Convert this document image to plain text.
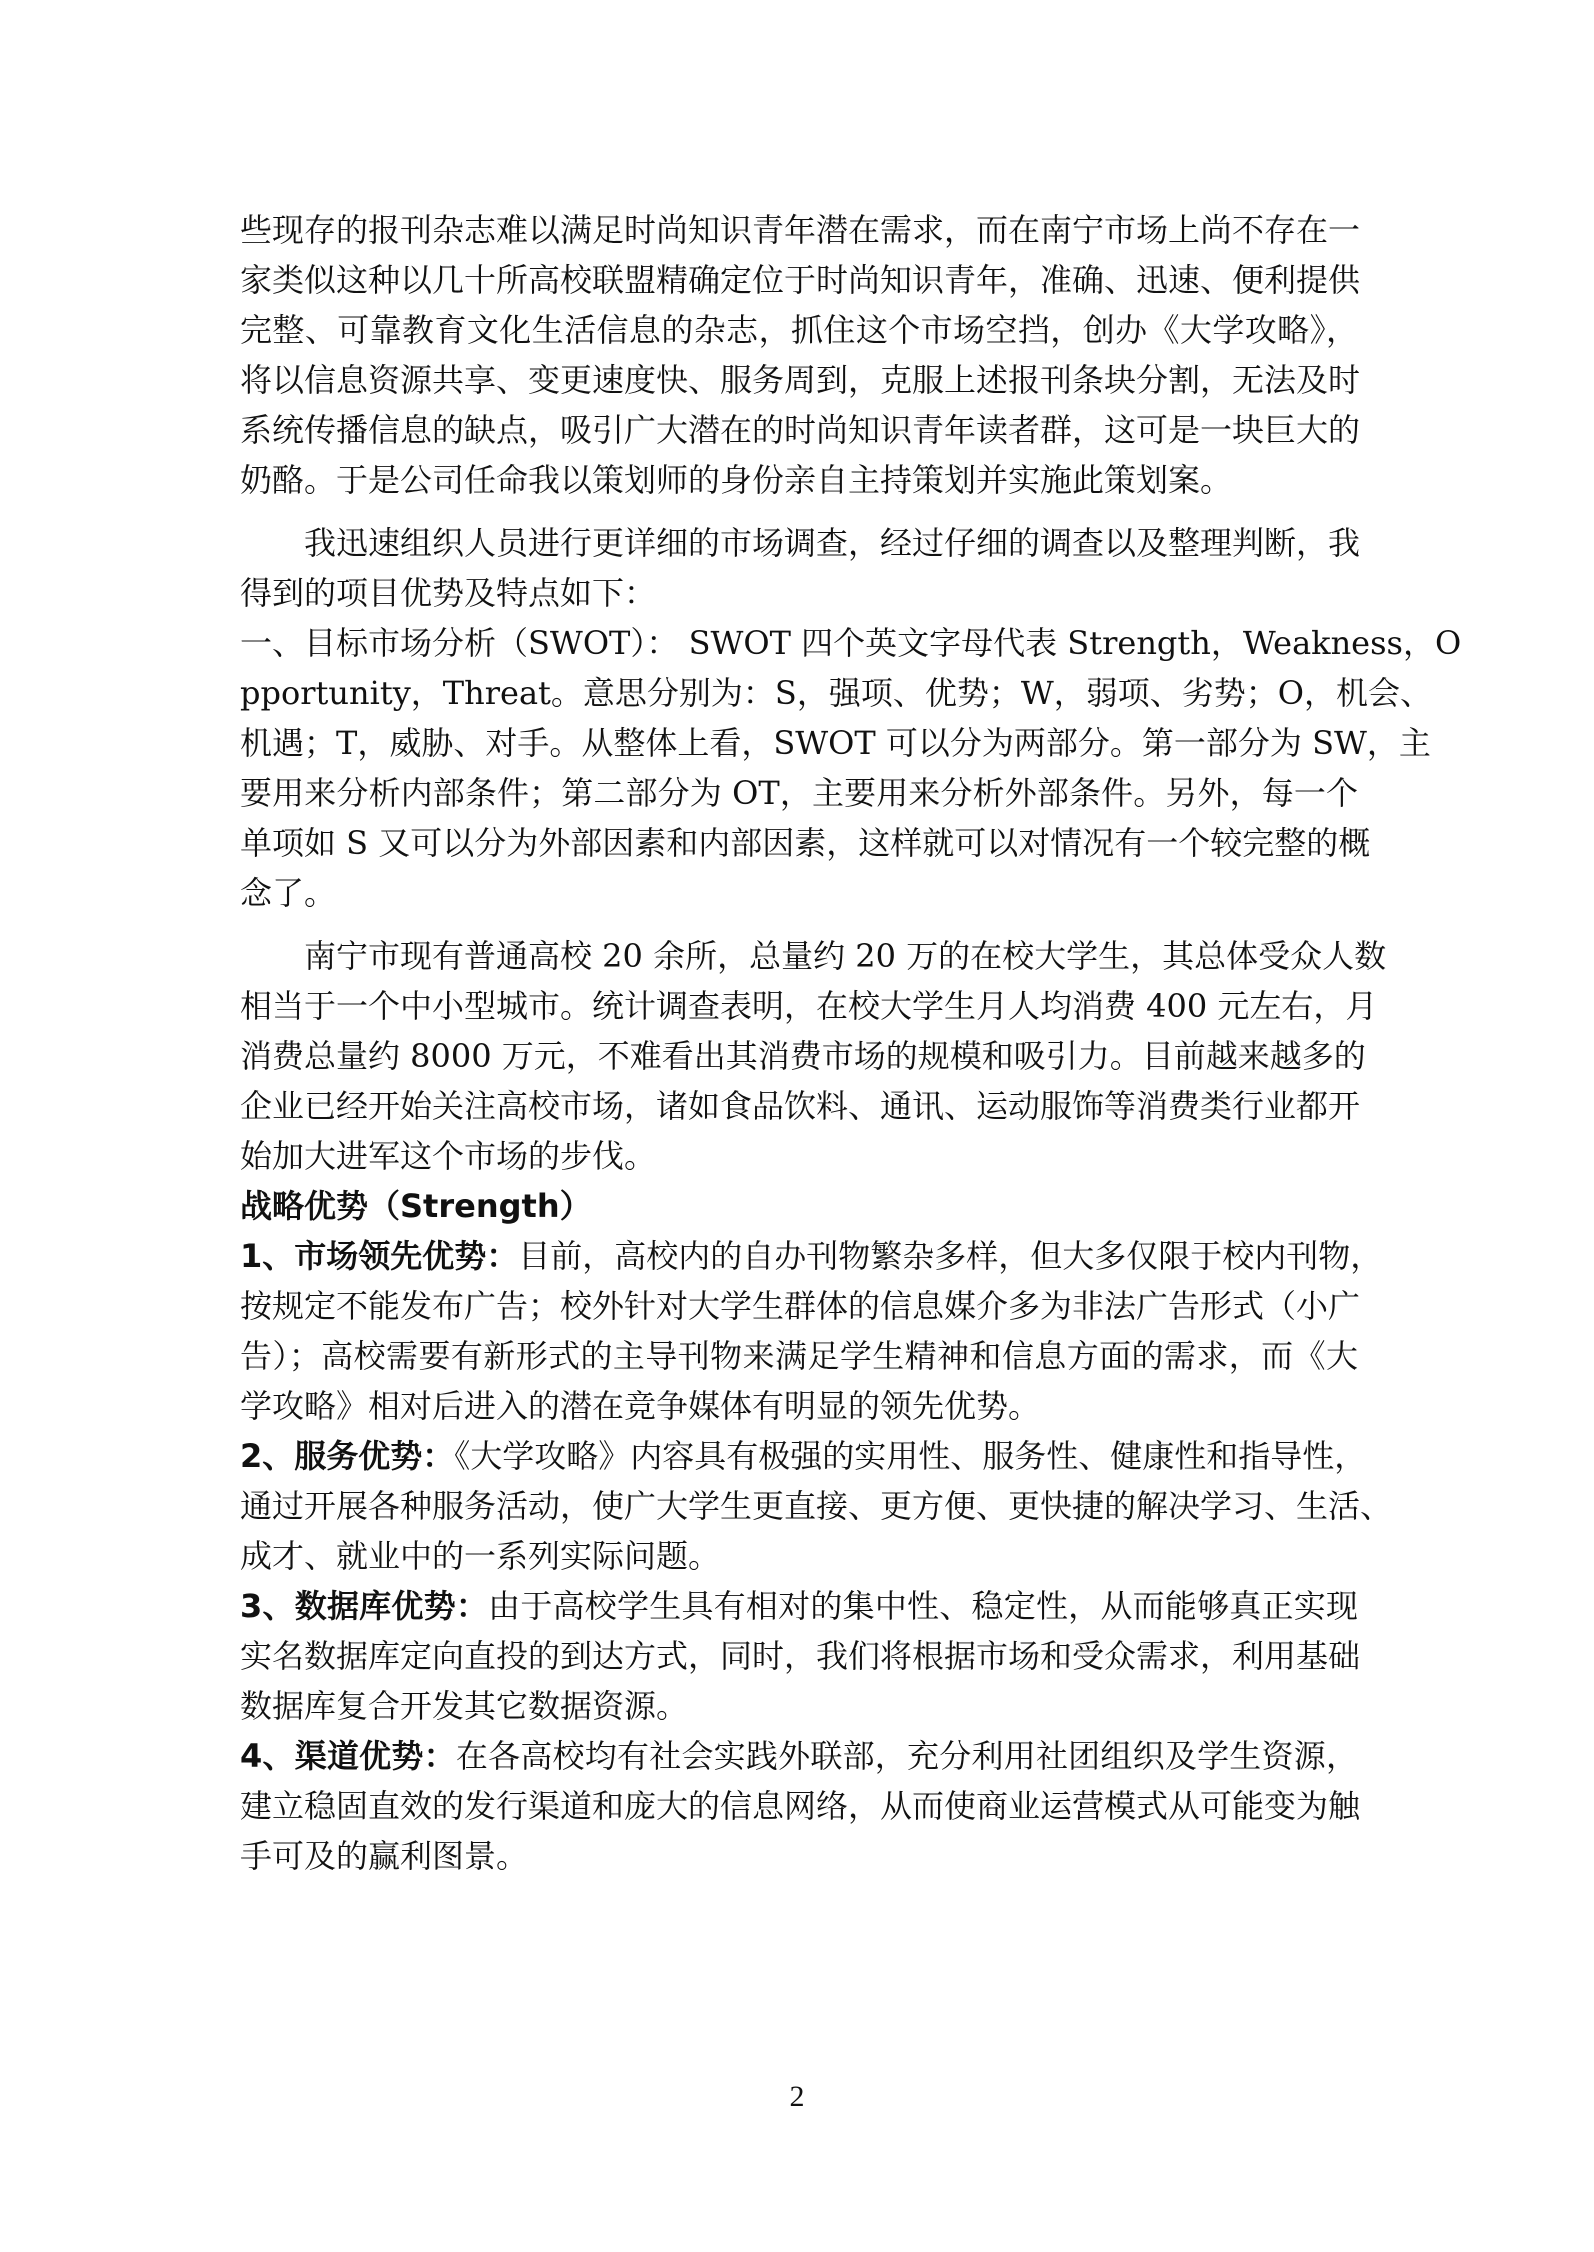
些现存的报刊杂志难以满足时尚知识青年潜在需求，而在南宁市场上尚不存在一
家类似这种以几十所高校联盟精确定位于时尚知识青年，准确、迅速、便利提供
完整、可靠教育文化生活信息的杂志，抓住这个市场空挡，创办《大学攻略》，
将以信息资源共享、变更速度快、服务周到，克服上述报刊条块分割，无法及时
系统传播信息的缺点，吸引广大潜在的时尚知识青年读者群，这可是一块巨大的
奶酪。于是公司任命我以策划师的身份亲自主持策划并实施此策划案。
我迅速组织人员进行更详细的市场调查，经过仔细的调查以及整理判断，我
得到的项目优势及特点如下：
一、目标市场分析（SWOT）： SWOT 四个英文字母代表 Strength，Weakness，O
pportunity，Threat。意思分别为：S，强项、优势；W，弱项、劣势；O，机会、
机遇；T，威胁、对手。从整体上看，SWOT 可以分为两部分。第一部分为 SW，主
要用来分析内部条件；第二部分为 OT，主要用来分析外部条件。另外，每一个
单项如 S 又可以分为外部因素和内部因素，这样就可以对情况有一个较完整的概
念了。
南宁市现有普通高校 20 余所，总量约 20 万的在校大学生，其总体受众人数
相当于一个中小型城市。统计调查表明，在校大学生月人均消费 400 元左右，月
消费总量约 8000 万元，不难看出其消费市场的规模和吸引力。目前越来越多的
企业已经开始关注高校市场，诸如食品饮料、通讯、运动服饰等消费类行业都开
始加大进军这个市场的步伐。
战略优势（Strength）
1、市场领先优势：目前，高校内的自办刊物繁杂多样，但大多仅限于校内刊物，
按规定不能发布广告；校外针对大学生群体的信息媒介多为非法广告形式（小广
告）；高校需要有新形式的主导刊物来满足学生精神和信息方面的需求，而《大
学攻略》相对后进入的潜在竞争媒体有明显的领先优势。
2、服务优势：《大学攻略》内容具有极强的实用性、服务性、健康性和指导性，
通过开展各种服务活动，使广大学生更直接、更方便、更快捷的解决学习、生活、
成才、就业中的一系列实际问题。
3、数据库优势：由于高校学生具有相对的集中性、稳定性，从而能够真正实现
实名数据库定向直投的到达方式，同时，我们将根据市场和受众需求，利用基础
数据库复合开发其它数据资源。
4、渠道优势：在各高校均有社会实践外联部，充分利用社团组织及学生资源，
建立稳固直效的发行渠道和庞大的信息网络，从而使商业运营模式从可能变为触
手可及的赢利图景。
2
